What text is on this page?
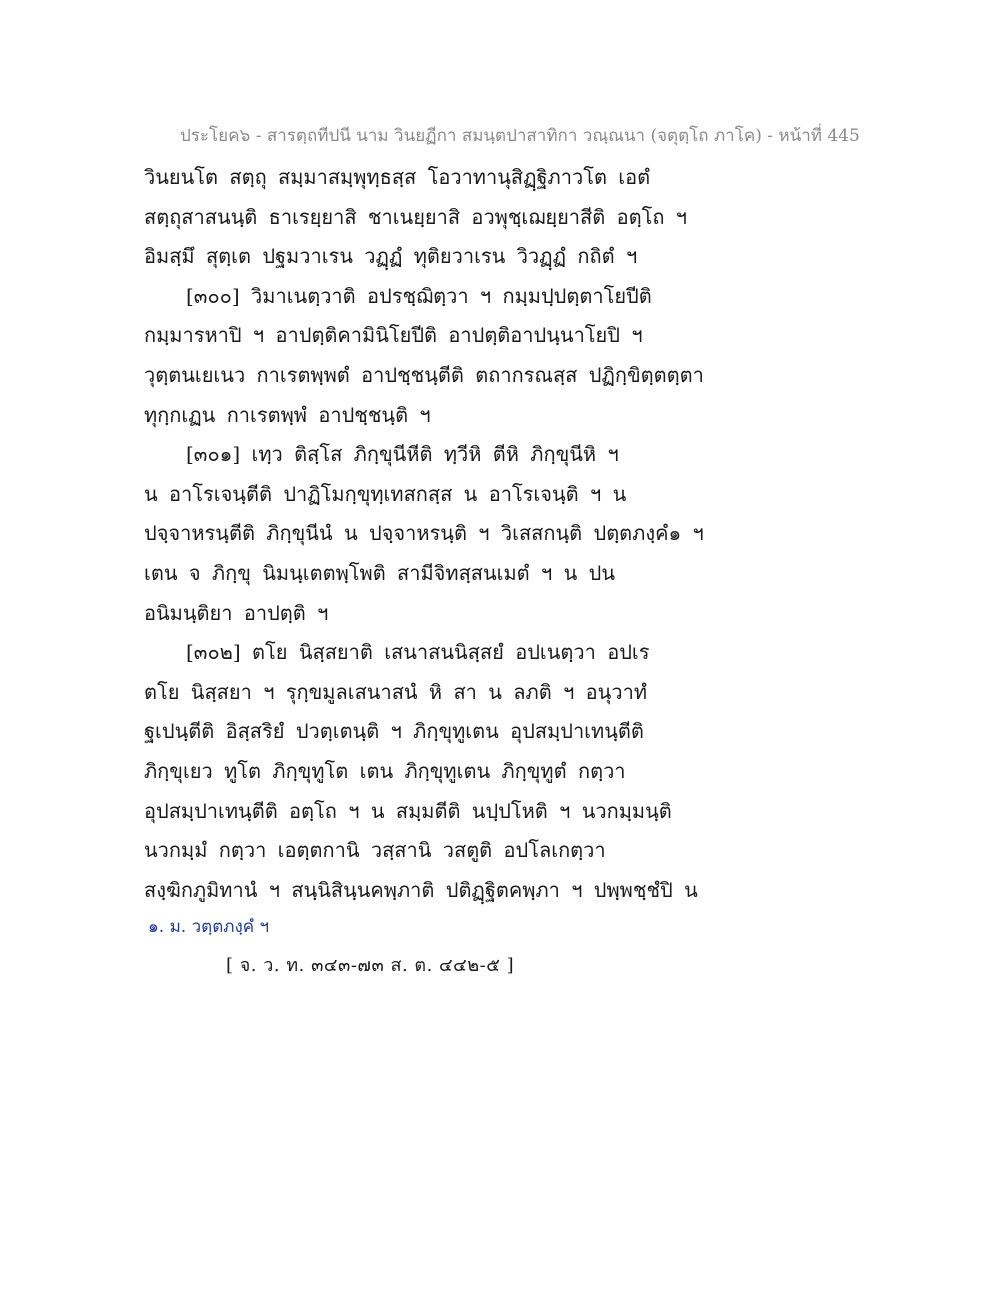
ประโยค๖ - สารตฺถทีปนี นาม วินยฏีกา สมนฺตปาสาทิกา วณฺณนา (จตุตฺโถ ภาโค) - หน้าที่ 445
วินยนโต สตฺถุ สมฺมาสมฺพุทฺธสฺส โอวาทานุสิฏฺฐิภาวโต เอตํ
สตฺถุสาสนนฺติ ธาเรยฺยาสิ ชาเนยฺยาสิ อวพุชฺเฌยฺยาสีติ อตฺโถ ฯ
อิมสฺมึ สุตฺเต ปฐมวาเรน วฏฺฏํ ทุติยวาเรน วิวฏฺฏํ กถิตํ ฯ
[๓๐๐] วิมาเนตฺวาติ อปรชฺฌิตฺวา ฯ กมฺมปฺปตฺตาโยปีติ
กมฺมารหาปิ ฯ อาปตฺติคามินิโยปีติ อาปตฺติอาปนฺนาโยปิ ฯ
วุตฺตนเยเนว กาเรตพฺพตํ อาปชฺชนฺตีติ ตถากรณสฺส ปฏิกฺขิตฺตตฺตา
ทุกฺกเฏน กาเรตพฺพํ อาปชฺชนฺติ ฯ
[๓๐๑] เทฺว ติสฺโส ภิกฺขุนีหีติ ทฺวีหิ ตีหิ ภิกฺขุนีหิ ฯ
น อาโรเจนฺตีติ ปาฏิโมกฺขุทฺเทสกสฺส น อาโรเจนฺติ ฯ น
ปจฺจาหรนฺตีติ ภิกฺขุนีนํ น ปจฺจาหรนฺติ ฯ วิเสสกนฺติ ปตฺตภงฺคํ๑ ฯ
เตน จ ภิกฺขุ นิมนฺเตตพฺโพติ สามีจิทสฺสนเมตํ ฯ น ปน
อนิมนฺติยา อาปตฺติ ฯ
[๓๐๒] ตโย นิสฺสยาติ เสนาสนนิสฺสยํ อปเนตฺวา อปเร
ตโย นิสฺสยา ฯ รุกฺขมูลเสนาสนํ หิ สา น ลภติ ฯ อนุวาทํ
ฐเปนฺตีติ อิสฺสริยํ ปวตฺเตนฺติ ฯ ภิกฺขุทูเตน อุปสมฺปาเทนฺตีติ
ภิกฺขุเยว ทูโต ภิกฺขุทูโต เตน ภิกฺขุทูเตน ภิกฺขุทูตํ กตฺวา
อุปสมฺปาเทนฺตีติ อตฺโถ ฯ น สมฺมตีติ นปฺปโหติ ฯ นวกมฺมนฺติ
นวกมฺมํ กตฺวา เอตฺตกานิ วสฺสานิ วสตูติ อปโลเกตฺวา
สงฺฆิกภูมิทานํ ฯ สนฺนิสินฺนคพฺภาติ ปติฏฺฐิตคพฺภา ฯ ปพฺพชฺชํปิ น
๑. ม. วตฺตภงฺคํ ฯ
[ จ. ว. ท. ๓๔๓-๗๓ ส. ต. ๔๔๒-๕ ]
